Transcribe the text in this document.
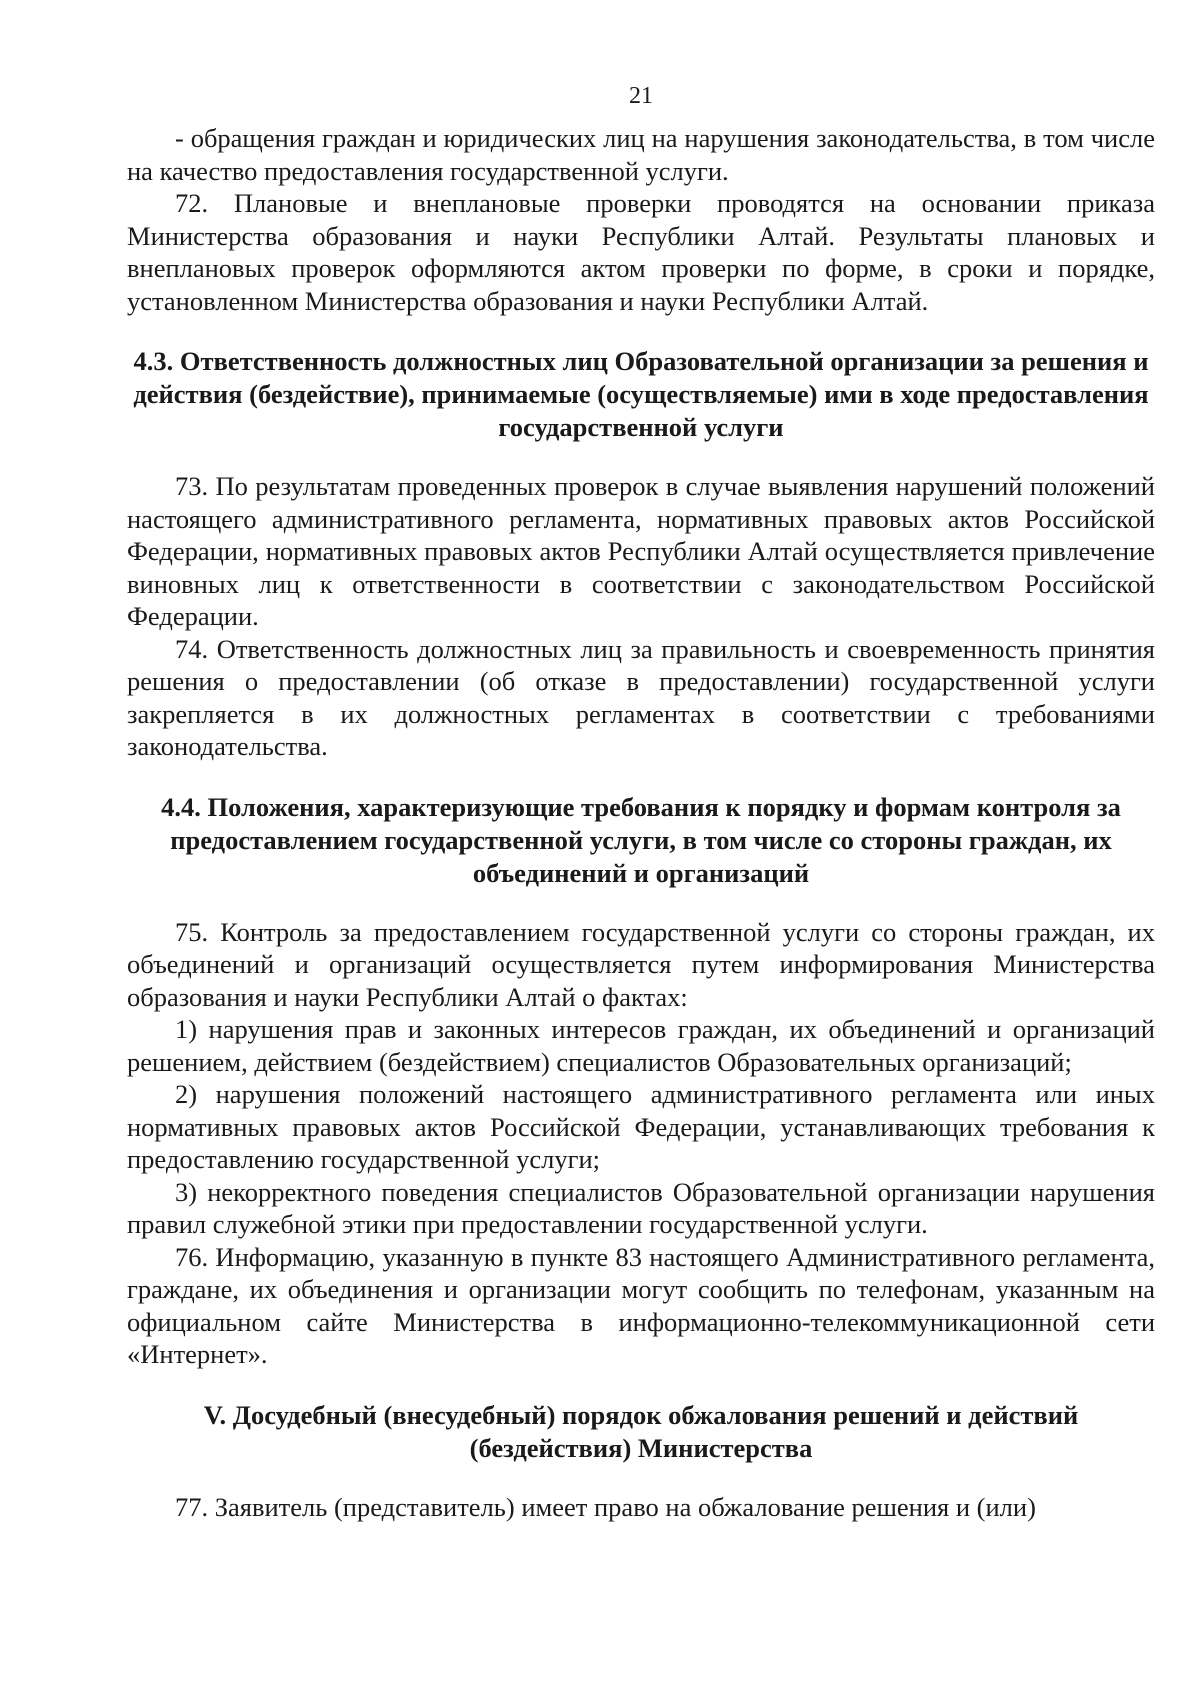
21

- обращения граждан и юридических лиц на нарушения законодательства, в том числе на качество предоставления государственной услуги.

72. Плановые и внеплановые проверки проводятся на основании приказа Министерства образования и науки Республики Алтай. Результаты плановых и внеплановых проверок оформляются актом проверки по форме, в сроки и порядке, установленном Министерства образования и науки Республики Алтай.

4.3. Ответственность должностных лиц Образовательной организации за решения и действия (бездействие), принимаемые (осуществляемые) ими в ходе предоставления государственной услуги

73. По результатам проведенных проверок в случае выявления нарушений положений настоящего административного регламента, нормативных правовых актов Российской Федерации, нормативных правовых актов Республики Алтай осуществляется привлечение виновных лиц к ответственности в соответствии с законодательством Российской Федерации.

74. Ответственность должностных лиц за правильность и своевременность принятия решения о предоставлении (об отказе в предоставлении) государственной услуги закрепляется в их должностных регламентах в соответствии с требованиями законодательства.

4.4. Положения, характеризующие требования к порядку и формам контроля за предоставлением государственной услуги, в том числе со стороны граждан, их объединений и организаций

75. Контроль за предоставлением государственной услуги со стороны граждан, их объединений и организаций осуществляется путем информирования Министерства образования и науки Республики Алтай о фактах:

1) нарушения прав и законных интересов граждан, их объединений и организаций решением, действием (бездействием) специалистов Образовательных организаций;

2) нарушения положений настоящего административного регламента или иных нормативных правовых актов Российской Федерации, устанавливающих требования к предоставлению государственной услуги;

3) некорректного поведения специалистов Образовательной организации нарушения правил служебной этики при предоставлении государственной услуги.

76. Информацию, указанную в пункте 83 настоящего Административного регламента, граждане, их объединения и организации могут сообщить по телефонам, указанным на официальном сайте Министерства в информационно-телекоммуникационной сети «Интернет».

V. Досудебный (внесудебный) порядок обжалования решений и действий (бездействия) Министерства

77. Заявитель (представитель) имеет право на обжалование решения и (или)
